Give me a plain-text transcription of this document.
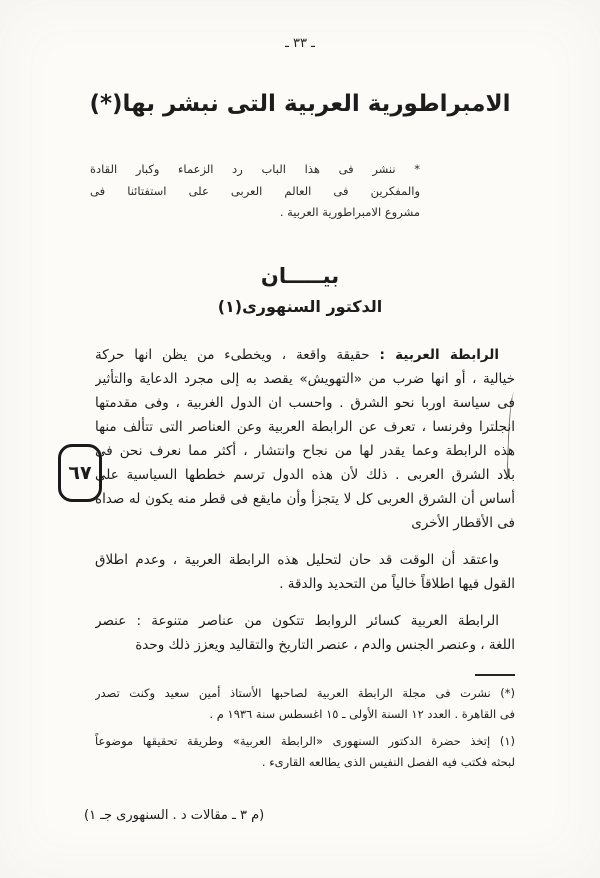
ـ ٣٣ ـ
الامبراطورية العربية التى نبشر بها(*)
* ننشر فى هذا الباب رد الزعماء وكبار القادة
والمفكرين فى العالم العربى على استفتائنا فى
مشروع الامبراطورية العربية .
بيـــــان
الدكتور السنهورى(١)
٦٧
الرابطة العربية : حقيقة واقعة ، ويخطىء من يظن انها حركة
خيالية ، أو انها ضرب من «التهويش» يقصد به إلى مجرد الدعاية والتأثير
فى سياسة اوربا نحو الشرق . واحسب ان الدول الغربية ، وفى مقدمتها
انجلترا وفرنسا ، تعرف عن الرابطة العربية وعن العناصر التى تتألف منها
هذه الرابطة وعما يقدر لها من نجاح وانتشار ، أكثر مما نعرف نحن فى
بلاد الشرق العربى . ذلك لأن هذه الدول ترسم خططها السياسية على
أساس أن الشرق العربى كل لا يتجزأ وأن مايقع فى قطر منه يكون له صداه
فى الأقطار الأخرى
واعتقد أن الوقت قد حان لتحليل هذه الرابطة العربية ، وعدم اطلاق
القول فيها اطلاقاً خالياً من التحديد والدقة .
الرابطة العربية كسائر الروابط تتكون من عناصر متنوعة : عنصر
اللغة ، وعنصر الجنس والدم ، عنصر التاريخ والتقاليد ويعزز ذلك وحدة
(*) نشرت فى مجلة الرابطة العربية لصاحبها الأستاذ أمين سعيد وكنت تصدر
فى القاهرة . العدد ١٢ السنة الأولى ـ ١٥ اغسطس سنة ١٩٣٦ م .
(١) إتخذ حضرة الدكتور السنهورى «الرابطة العربية» وطريقة تحقيقها موضوعاً
لبحثه فكتب فيه الفصل النفيس الذى يطالعه القارىء .
(م ٣ ـ مقالات د . السنهورى جـ ١)
